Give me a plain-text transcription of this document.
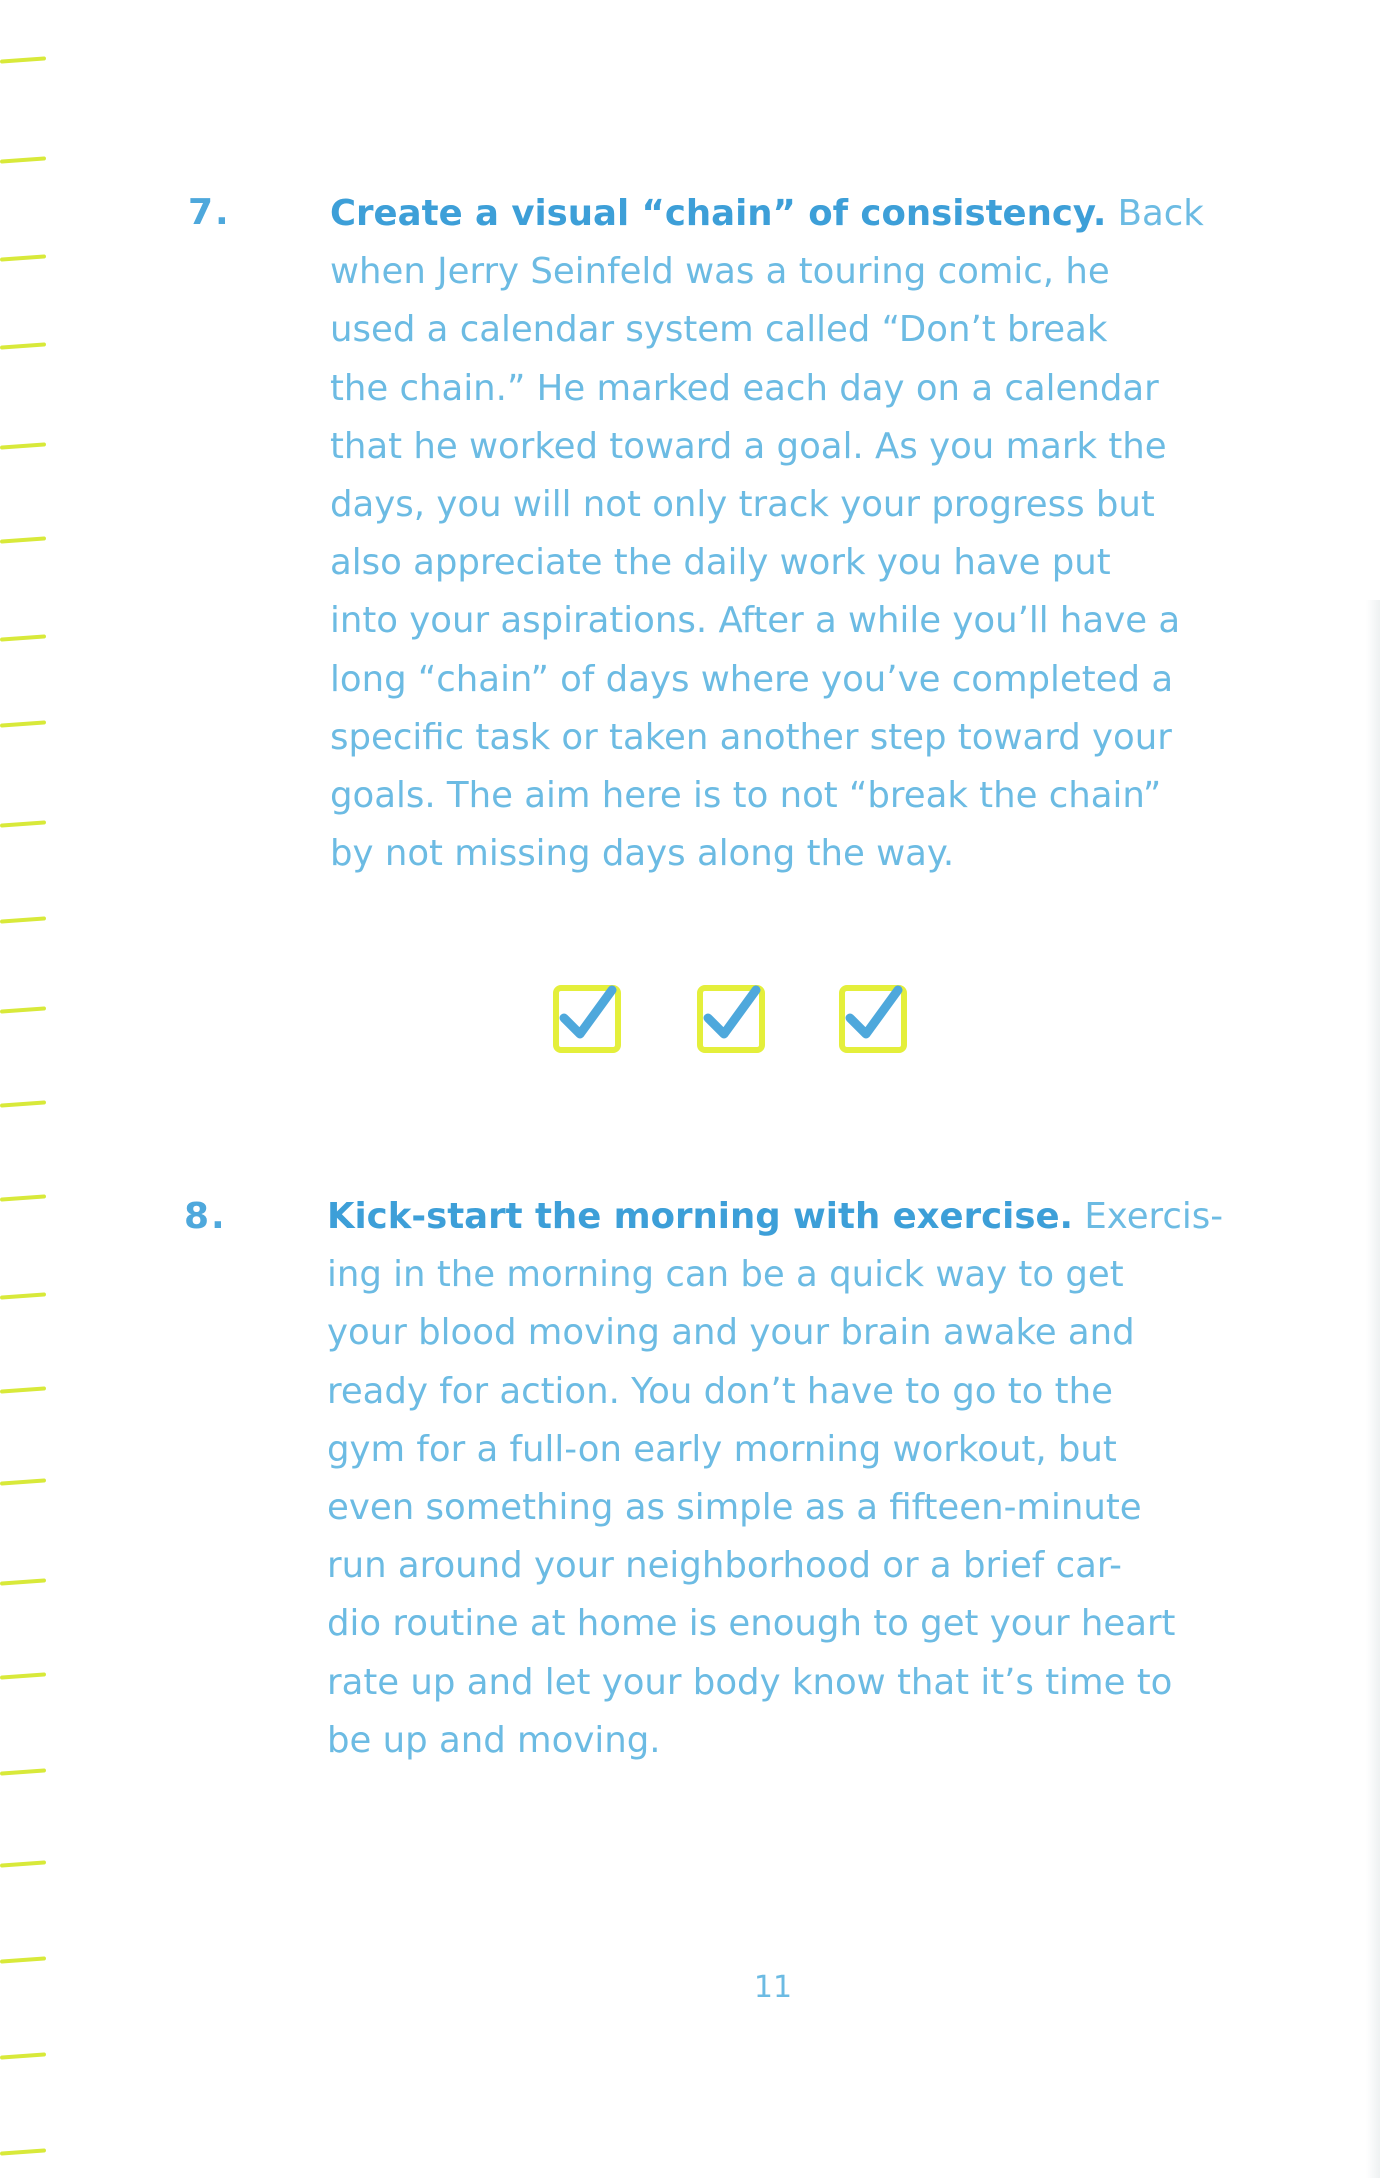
7.	Create a visual “chain” of consistency. Back
when Jerry Seinfeld was a touring comic, he
used a calendar system called “Don’t break
the chain.” He marked each day on a calendar
that he worked toward a goal. As you mark the
days, you will not only track your progress but
also appreciate the daily work you have put
into your aspirations. After a while you’ll have a
long “chain” of days where you’ve completed a
specific task or taken another step toward your
goals. The aim here is to not “break the chain”
by not missing days along the way.

8.	Kick-start the morning with exercise. Exercis-
ing in the morning can be a quick way to get
your blood moving and your brain awake and
ready for action. You don’t have to go to the
gym for a full-on early morning workout, but
even something as simple as a fifteen-minute
run around your neighborhood or a brief car-
dio routine at home is enough to get your heart
rate up and let your body know that it’s time to
be up and moving.

11
